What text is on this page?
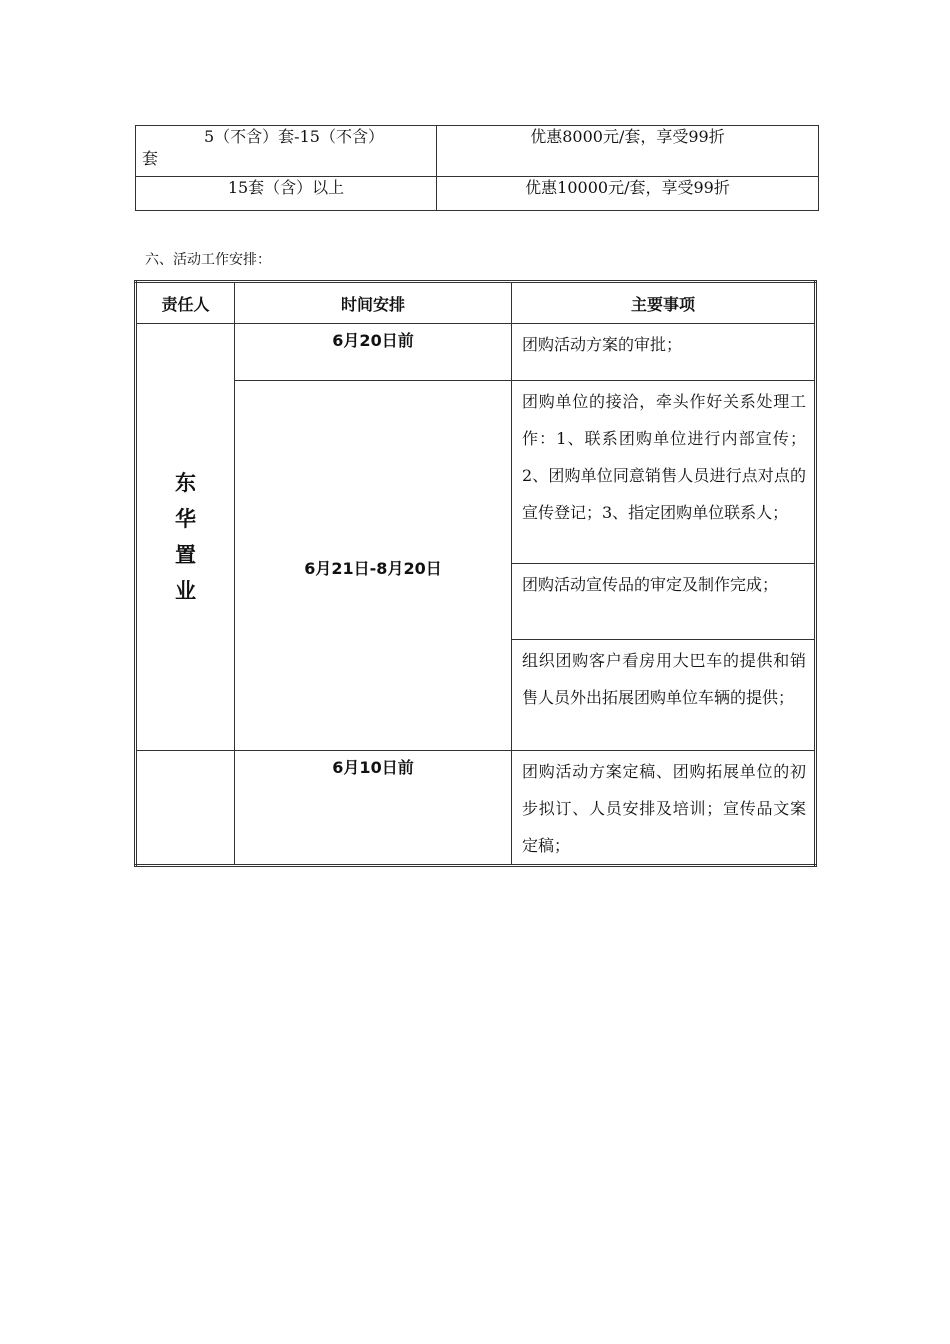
5（不含）套-15（不含）
套	优惠8000元/套，享受99折
15套（含）以上	优惠10000元/套，享受99折
六、活动工作安排：
责任人	时间安排	主要事项

东
华
置
业	6月20日前	团购活动方案的审批；
	6月21日-8月20日	团购单位的接洽，牵头作好关系处理工作：1、联系团购单位进行内部宣传；2、团购单位同意销售人员进行点对点的宣传登记；3、指定团购单位联系人；
		团购活动宣传品的审定及制作完成；
		组织团购客户看房用大巴车的提供和销售人员外出拓展团购单位车辆的提供；
	6月10日前	团购活动方案定稿、团购拓展单位的初步拟订、人员安排及培训；宣传品文案定稿；
